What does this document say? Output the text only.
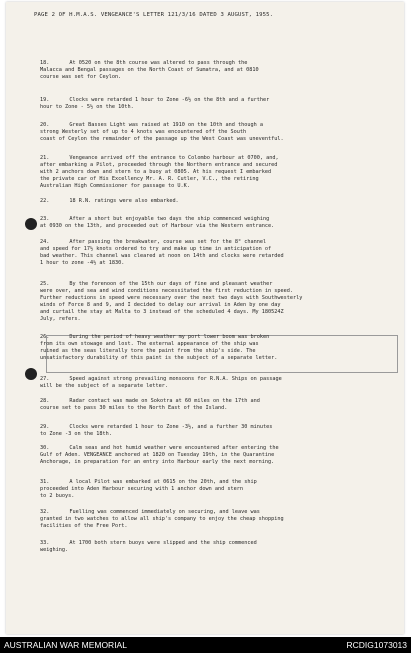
PAGE 2 OF H.M.A.S. VENGEANCE'S LETTER 121/3/16 DATED 3 AUGUST, 1955.
18.	At 0520 on the 8th course was altered to pass through the

Malacca and Bengal passages on the North Coast of Sumatra, and at 0810
course was set for Ceylon.
19.	Clocks were retarded 1 hour to Zone -6½ on the 8th and a further

hour to Zone - 5½ on the 10th.
20.	Great Basses Light was raised at 1910 on the 10th and though a

strong Westerly set of up to 4 knots was encountered off the South
coast of Ceylon the remainder of the passage up the West Coast was uneventful.
21.	Vengeance arrived off the entrance to Colombo harbour at 0700, and,

after embarking a Pilot, proceeded through the Northern entrance and secured
with 2 anchors down and stern to a buoy at 0805. At his request I embarked
the private car of His Excellency Mr. A. R. Cutler, V.C., the retiring
Australian High Commissioner for passage to U.K.
22.	18 R.N. ratings were also embarked.

23.	After a short but enjoyable two days the ship commenced weighing

at 0930 on the 13th, and proceeded out of Harbour via the Western entrance.
24.	After passing the breakwater, course was set for the 8° channel

and speed for 17½ knots ordered to try and make up time in anticipation of
bad weather. This channel was cleared at noon on 14th and clocks were retarded
1 hour to zone -4½ at 1830.
25.	By the forenoon of the 15th our days of fine and pleasant weather

were over, and sea and wind conditions necessitated the first reduction in speed.
Further reductions in speed were necessary over the next two days with Southwesterly
winds of Force 8 and 9, and I decided to delay our arrival in Aden by one day
and curtail the stay at Malta to 3 instead of the scheduled 4 days. My 180524Z
July, refers.
26.	During the period of heavy weather my port lower boom was broken

from its own stowage and lost. The external appearance of the ship was
ruined as the seas literally tore the paint from the ship's side. The
unsatisfactory durability of this paint is the subject of a separate letter.
27.	Speed against strong prevailing monsoons for R.N.A. Ships on passage

will be the subject of a separate letter.
28.	Radar contact was made on Sokotra at 60 miles on the 17th and

course set to pass 30 miles to the North East of the Island.
29.	Clocks were retarded 1 hour to Zone -3½, and a further 30 minutes

to Zone -3 on the 18th.
30.	Calm seas and hot humid weather were encountered after entering the

Gulf of Aden. VENGEANCE anchored at 1820 on Tuesday 19th, in the Quarantine
Anchorage, in preparation for an entry into Harbour early the next morning.
31.	A local Pilot was embarked at 0615 on the 20th, and the ship

proceeded into Aden Harbour securing with 1 anchor down and stern
to 2 buoys.
32.	Fuelling was commenced immediately on securing, and leave was

granted in two watches to allow all ship's company to enjoy the cheap shopping
facilities of the Free Port.
33.	At 1700 both stern buoys were slipped and the ship commenced

weighing.
AUSTRALIAN WAR MEMORIAL	RCDIG1073013
